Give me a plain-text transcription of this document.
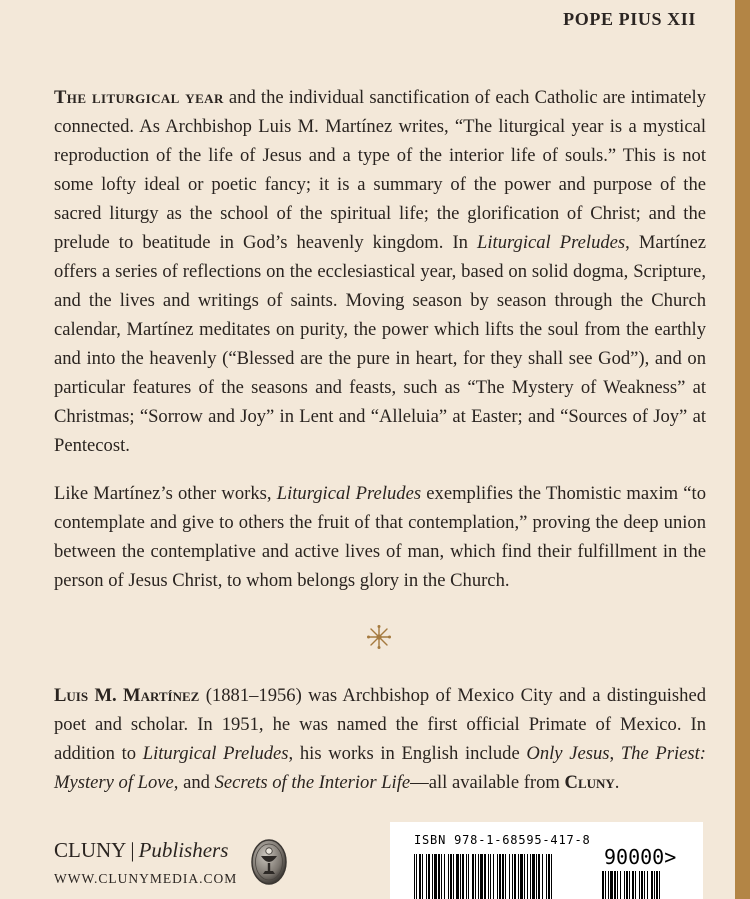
POPE PIUS XII
The liturgical year and the individual sanctification of each Catholic are intimately connected. As Archbishop Luis M. Martínez writes, “The liturgical year is a mystical reproduction of the life of Jesus and a type of the interior life of souls.” This is not some lofty ideal or poetic fancy; it is a summary of the power and purpose of the sacred liturgy as the school of the spiritual life; the glorification of Christ; and the prelude to beatitude in God’s heavenly kingdom. In Liturgical Preludes, Martínez offers a series of reflections on the ecclesiastical year, based on solid dogma, Scripture, and the lives and writings of saints. Moving season by season through the Church calendar, Martínez meditates on purity, the power which lifts the soul from the earthly and into the heavenly (“Blessed are the pure in heart, for they shall see God”), and on particular features of the seasons and feasts, such as “The Mystery of Weakness” at Christmas; “Sorrow and Joy” in Lent and “Alleluia” at Easter; and “Sources of Joy” at Pentecost.
Like Martínez’s other works, Liturgical Preludes exemplifies the Thomistic maxim “to contemplate and give to others the fruit of that contemplation,” proving the deep union between the contemplative and active lives of man, which find their fulfillment in the person of Jesus Christ, to whom belongs glory in the Church.
Luis M. Martínez (1881–1956) was Archbishop of Mexico City and a distinguished poet and scholar. In 1951, he was named the first official Primate of Mexico. In addition to Liturgical Preludes, his works in English include Only Jesus, The Priest: Mystery of Love, and Secrets of the Interior Life—all available from Cluny.
CLUNY | Publishers
WWW.CLUNYMEDIA.COM
ISBN 978-1-68595-417-8
90000>
